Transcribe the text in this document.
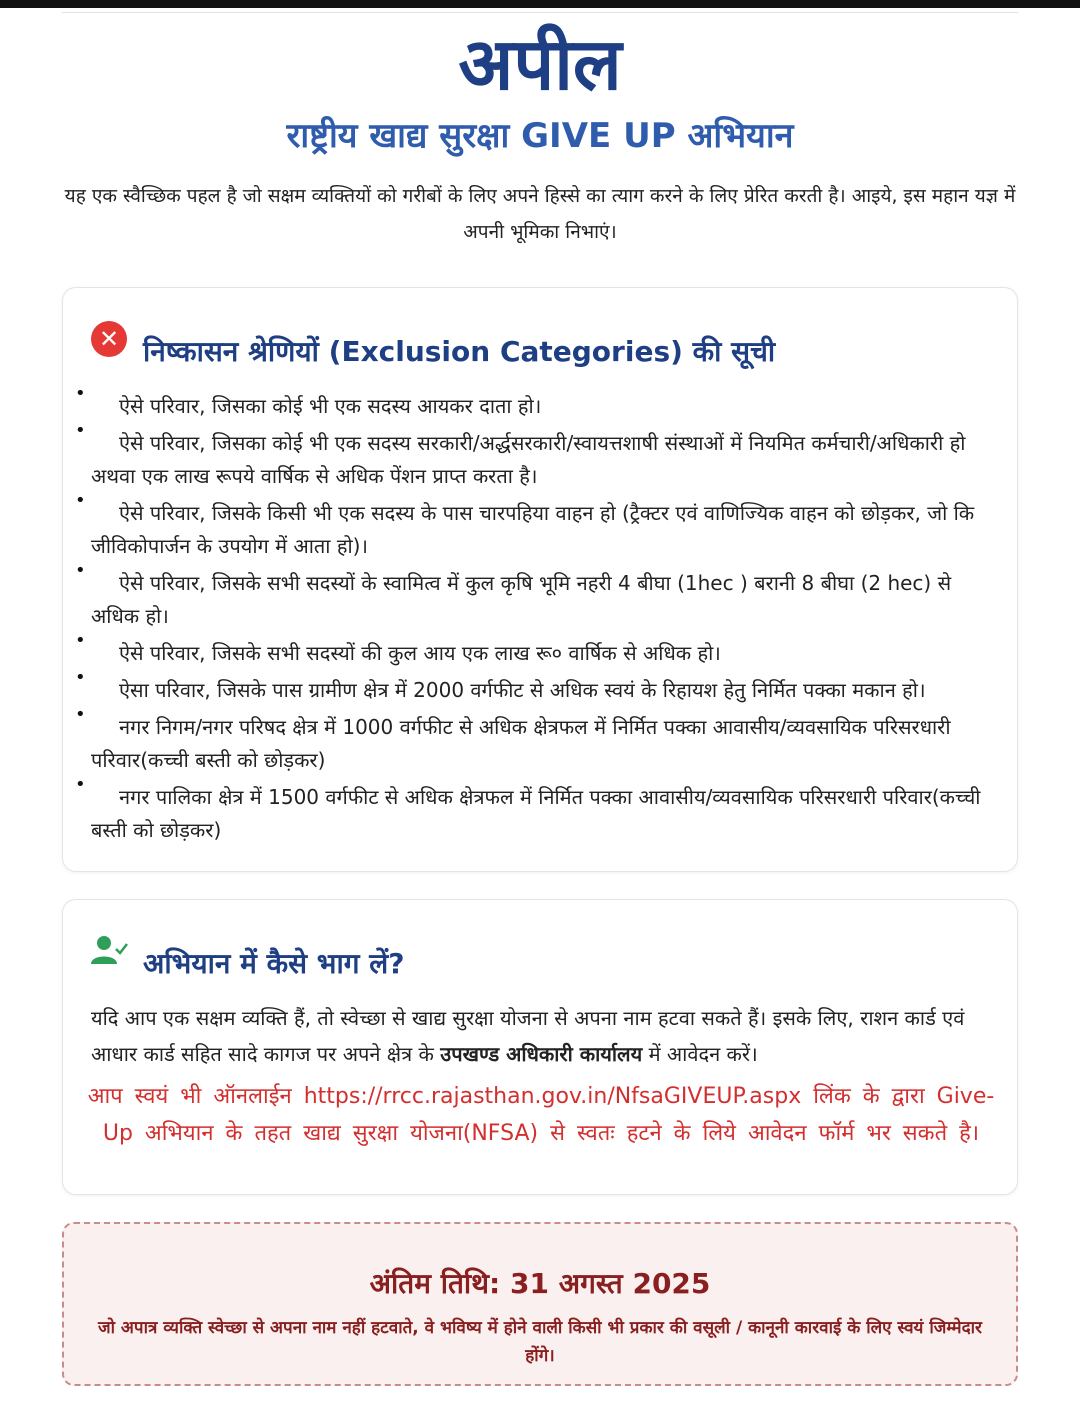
अपील
राष्ट्रीय खाद्य सुरक्षा GIVE UP अभियान
यह एक स्वैच्छिक पहल है जो सक्षम व्यक्तियों को गरीबों के लिए अपने हिस्से का त्याग करने के लिए प्रेरित करती है। आइये, इस महान यज्ञ में अपनी भूमिका निभाएं।
✕ निष्कासन श्रेणियों (Exclusion Categories) की सूची
•
ऐसे परिवार, जिसका कोई भी एक सदस्य आयकर दाता हो।
•
ऐसे परिवार, जिसका कोई भी एक सदस्य सरकारी/अर्द्धसरकारी/स्वायत्तशाषी संस्थाओं में नियमित कर्मचारी/अधिकारी हो अथवा एक लाख रूपये वार्षिक से अधिक पेंशन प्राप्त करता है।
•
ऐसे परिवार, जिसके किसी भी एक सदस्य के पास चारपहिया वाहन हो (ट्रैक्टर एवं वाणिज्यिक वाहन को छोड़कर, जो कि जीविकोपार्जन के उपयोग में आता हो)।
•
ऐसे परिवार, जिसके सभी सदस्यों के स्वामित्व में कुल कृषि भूमि नहरी 4 बीघा (1hec ) बरानी 8 बीघा (2 hec) से अधिक हो।
•
ऐसे परिवार, जिसके सभी सदस्यों की कुल आय एक लाख रू० वार्षिक से अधिक हो।
•
ऐसा परिवार, जिसके पास ग्रामीण क्षेत्र में 2000 वर्गफीट से अधिक स्वयं के रिहायश हेतु निर्मित पक्का मकान हो।
•
नगर निगम/नगर परिषद क्षेत्र में 1000 वर्गफीट से अधिक क्षेत्रफल में निर्मित पक्का आवासीय/व्यवसायिक परिसरधारी परिवार(कच्ची बस्ती को छोड़कर)
•
नगर पालिका क्षेत्र में 1500 वर्गफीट से अधिक क्षेत्रफल में निर्मित पक्का आवासीय/व्यवसायिक परिसरधारी परिवार(कच्ची बस्ती को छोड़कर)
अभियान में कैसे भाग लें?
यदि आप एक सक्षम व्यक्ति हैं, तो स्वेच्छा से खाद्य सुरक्षा योजना से अपना नाम हटवा सकते हैं। इसके लिए, राशन कार्ड एवं आधार कार्ड सहित सादे कागज पर अपने क्षेत्र के उपखण्ड अधिकारी कार्यालय में आवेदन करें।
आप स्वयं भी ऑनलाईन https://rrcc.rajasthan.gov.in/NfsaGIVEUP.aspx लिंक के द्वारा Give-Up अभियान के तहत खाद्य सुरक्षा योजना(NFSA) से स्वतः हटने के लिये आवेदन फॉर्म भर सकते है।
अंतिम तिथि: 31 अगस्त 2025
जो अपात्र व्यक्ति स्वेच्छा से अपना नाम नहीं हटवाते, वे भविष्य में होने वाली किसी भी प्रकार की वसूली / कानूनी कारवाई के लिए स्वयं जिम्मेदार होंगे।
